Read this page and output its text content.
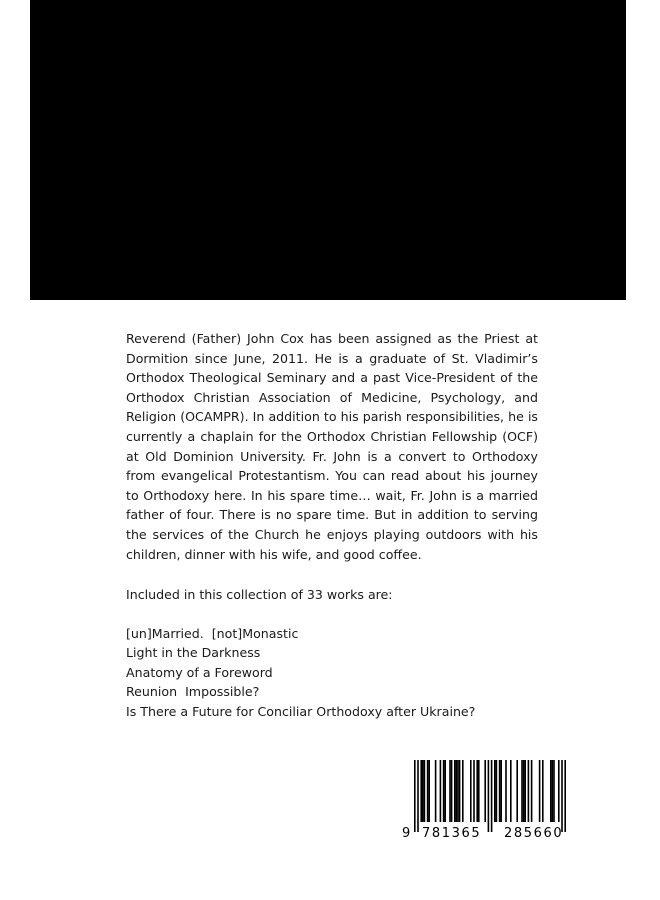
Reverend (Father) John Cox has been assigned as the Priest at Dormition since June, 2011. He is a graduate of St. Vladimir’s Orthodox Theological Seminary and a past Vice-President of the Orthodox Christian Association of Medicine, Psychology, and Religion (OCAMPR). In addition to his parish responsibilities, he is currently a chaplain for the Orthodox Christian Fellowship (OCF) at Old Dominion University. Fr. John is a convert to Orthodoxy from evangelical Protestantism. You can read about his journey to Orthodoxy here. In his spare time… wait, Fr. John is a married father of four. There is no spare time. But in addition to serving the services of the Church he enjoys playing outdoors with his children, dinner with his wife, and good coffee.

Included in this collection of 33 works are:

[un]Married.  [not]Monastic
Light in the Darkness
Anatomy of a Foreword
Reunion  Impossible?
Is There a Future for Conciliar Orthodoxy after Ukraine?
9 781365 285660
